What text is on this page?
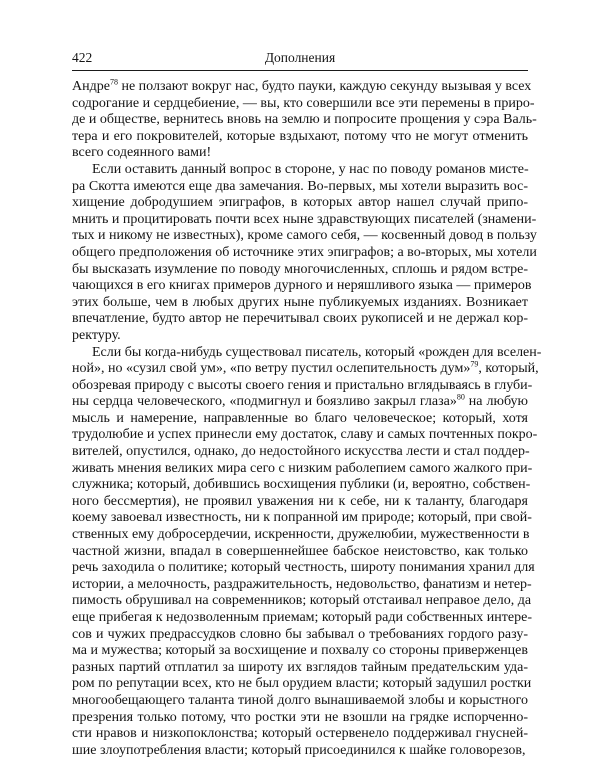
422	Дополнения
Андре$^{78}$ не ползают вокруг нас, будто пауки, каждую секунду вызывая у всех
содрогание и сердцебиение, — вы, кто совершили все эти перемены в приро-
де и обществе, вернитесь вновь на землю и попросите прощения у сэра Валь-
тера и его покровителей, которые вздыхают, потому что не могут отменить
всего содеянного вами!
Если оставить данный вопрос в стороне, у нас по поводу романов мисте-
ра Скотта имеются еще два замечания. Во-первых, мы хотели выразить вос-
хищение добродушием эпиграфов, в которых автор нашел случай припо-
мнить и процитировать почти всех ныне здравствующих писателей (знамени-
тых и никому не известных), кроме самого себя, — косвенный довод в пользу
общего предположения об источнике этих эпиграфов; а во-вторых, мы хотели
бы высказать изумление по поводу многочисленных, сплошь и рядом встре-
чающихся в его книгах примеров дурного и неряшливого языка — примеров
этих больше, чем в любых других ныне публикуемых изданиях. Возникает
впечатление, будто автор не перечитывал своих рукописей и не держал кор-
ректуру.
Если бы когда-нибудь существовал писатель, который «рожден для вселен-
ной», но «сузил свой ум», «по ветру пустил ослепительность дум»$^{79}$, который,
обозревая природу с высоты своего гения и пристально вглядываясь в глуби-
ны сердца человеческого, «подмигнул и боязливо закрыл глаза»$^{80}$ на любую
мысль и намерение, направленные во благо человеческое; который, хотя
трудолюбие и успех принесли ему достаток, славу и самых почтенных покро-
вителей, опустился, однако, до недостойного искусства лести и стал поддер-
живать мнения великих мира сего с низким раболепием самого жалкого при-
служника; который, добившись восхищения публики (и, вероятно, собствен-
ного бессмертия), не проявил уважения ни к себе, ни к таланту, благодаря
коему завоевал известность, ни к попранной им природе; который, при свой-
ственных ему добросердечии, искренности, дружелюбии, мужественности в
частной жизни, впадал в совершеннейшее бабское неистовство, как только
речь заходила о политике; который честность, широту понимания хранил для
истории, а мелочность, раздражительность, недовольство, фанатизм и нетер-
пимость обрушивал на современников; который отстаивал неправое дело, да
еще прибегая к недозволенным приемам; который ради собственных интере-
сов и чужих предрассудков словно бы забывал о требованиях гордого разу-
ма и мужества; который за восхищение и похвалу со стороны приверженцев
разных партий отплатил за широту их взглядов тайным предательским уда-
ром по репутации всех, кто не был орудием власти; который задушил ростки
многообещающего таланта тиной долго вынашиваемой злобы и корыстного
презрения только потому, что ростки эти не взошли на грядке испорченно-
сти нравов и низкопоклонства; который остервенело поддерживал гнусней-
шие злоупотребления власти; который присоединился к шайке головорезов,
